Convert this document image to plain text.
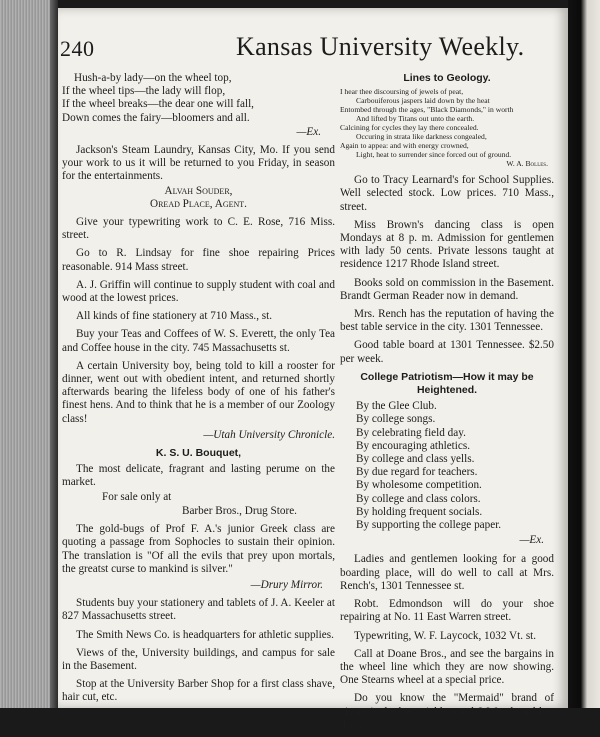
240	Kansas University Weekly.
Hush-a-by lady—on the wheel top,
If the wheel tips—the lady will flop,
If the wheel breaks—the dear one will fall,
Down comes the fairy—bloomers and all.

—Ex.

Jackson's Steam Laundry, Kansas City, Mo. If you send your work to us it will be returned to you Friday, in season for the entertainments.

Alvah Souder,

Oread Place, Agent.

Give your typewriting work to C. E. Rose, 716 Miss. street.

Go to R. Lindsay for fine shoe repairing Prices reasonable. 914 Mass street.

A. J. Griffin will continue to supply student with coal and wood at the lowest prices.

All kinds of fine stationery at 710 Mass., st.

Buy your Teas and Coffees of W. S. Everett, the only Tea and Coffee house in the city. 745 Massachusetts st.

A certain University boy, being told to kill a rooster for dinner, went out with obedient intent, and returned shortly afterwards bearing the lifeless body of one of his father's finest hens. And to think that he is a member of our Zoology class!

—Utah University Chronicle.

K. S. U. Bouquet,

The most delicate, fragrant and lasting perume on the market.

For sale only at

Barber Bros., Drug Store.

The gold-bugs of Prof F. A.'s junior Greek class are quoting a passage from Sophocles to sustain their opinion. The translation is "Of all the evils that prey upon mortals, the greatst curse to mankind is silver."

—Drury Mirror.

Students buy your stationery and tablets of J. A. Keeler at 827 Massachusetts street.

The Smith News Co. is headquarters for athletic supplies.

Views of the, University buildings, and campus for sale in the Basement.

Stop at the University Barber Shop for a first class shave, hair cut, etc.

Lines to Geology.
I hear thee discoursing of jewels of peat,
Carbouiferous jaspers laid down by the heat
Entombed through the ages, "Black Diamonds," in worth
And lifted by Titans out unto the earth.
Calcining for cycles they lay there concealed.
Occuring in strata like darkness congealed,
Again to appea: and with energy crowned,
Light, heat to surrender since forced out of ground.
W. A. Bolles.

Go to Tracy Learnard's for School Supplies. Well selected stock. Low prices. 710 Mass., street.

Miss Brown's dancing class is open Mondays at 8 p. m. Admission for gentlemen with lady 50 cents. Private lessons taught at residence 1217 Rhode Island street.

Books sold on commission in the Basement. Brandt German Reader now in demand.

Mrs. Rench has the reputation of having the best table service in the city. 1301 Tennessee.

Good table board at 1301 Tennessee. $2.50 per week.

College Patriotism—How it may be Heightened.
By the Glee Club.
By college songs.
By celebrating field day.
By encouraging athletics.
By college and class yells.
By due regard for teachers.
By wholesome competition.
By college and class colors.
By holding frequent socials.
By supporting the college paper.

—Ex.

Ladies and gentlemen looking for a good boarding place, will do well to call at Mrs. Rench's, 1301 Tennessee st.

Robt. Edmondson will do your shoe repairing at No. 11 East Warren street.

Typewriting, W. F. Laycock, 1032 Vt. st.

Call at Doane Bros., and see the bargains in the wheel line which they are now showing. One Stearns wheel at a special price.

Do you know the "Mermaid" brand of cigars is the best nickle goods? Woodward has them.
